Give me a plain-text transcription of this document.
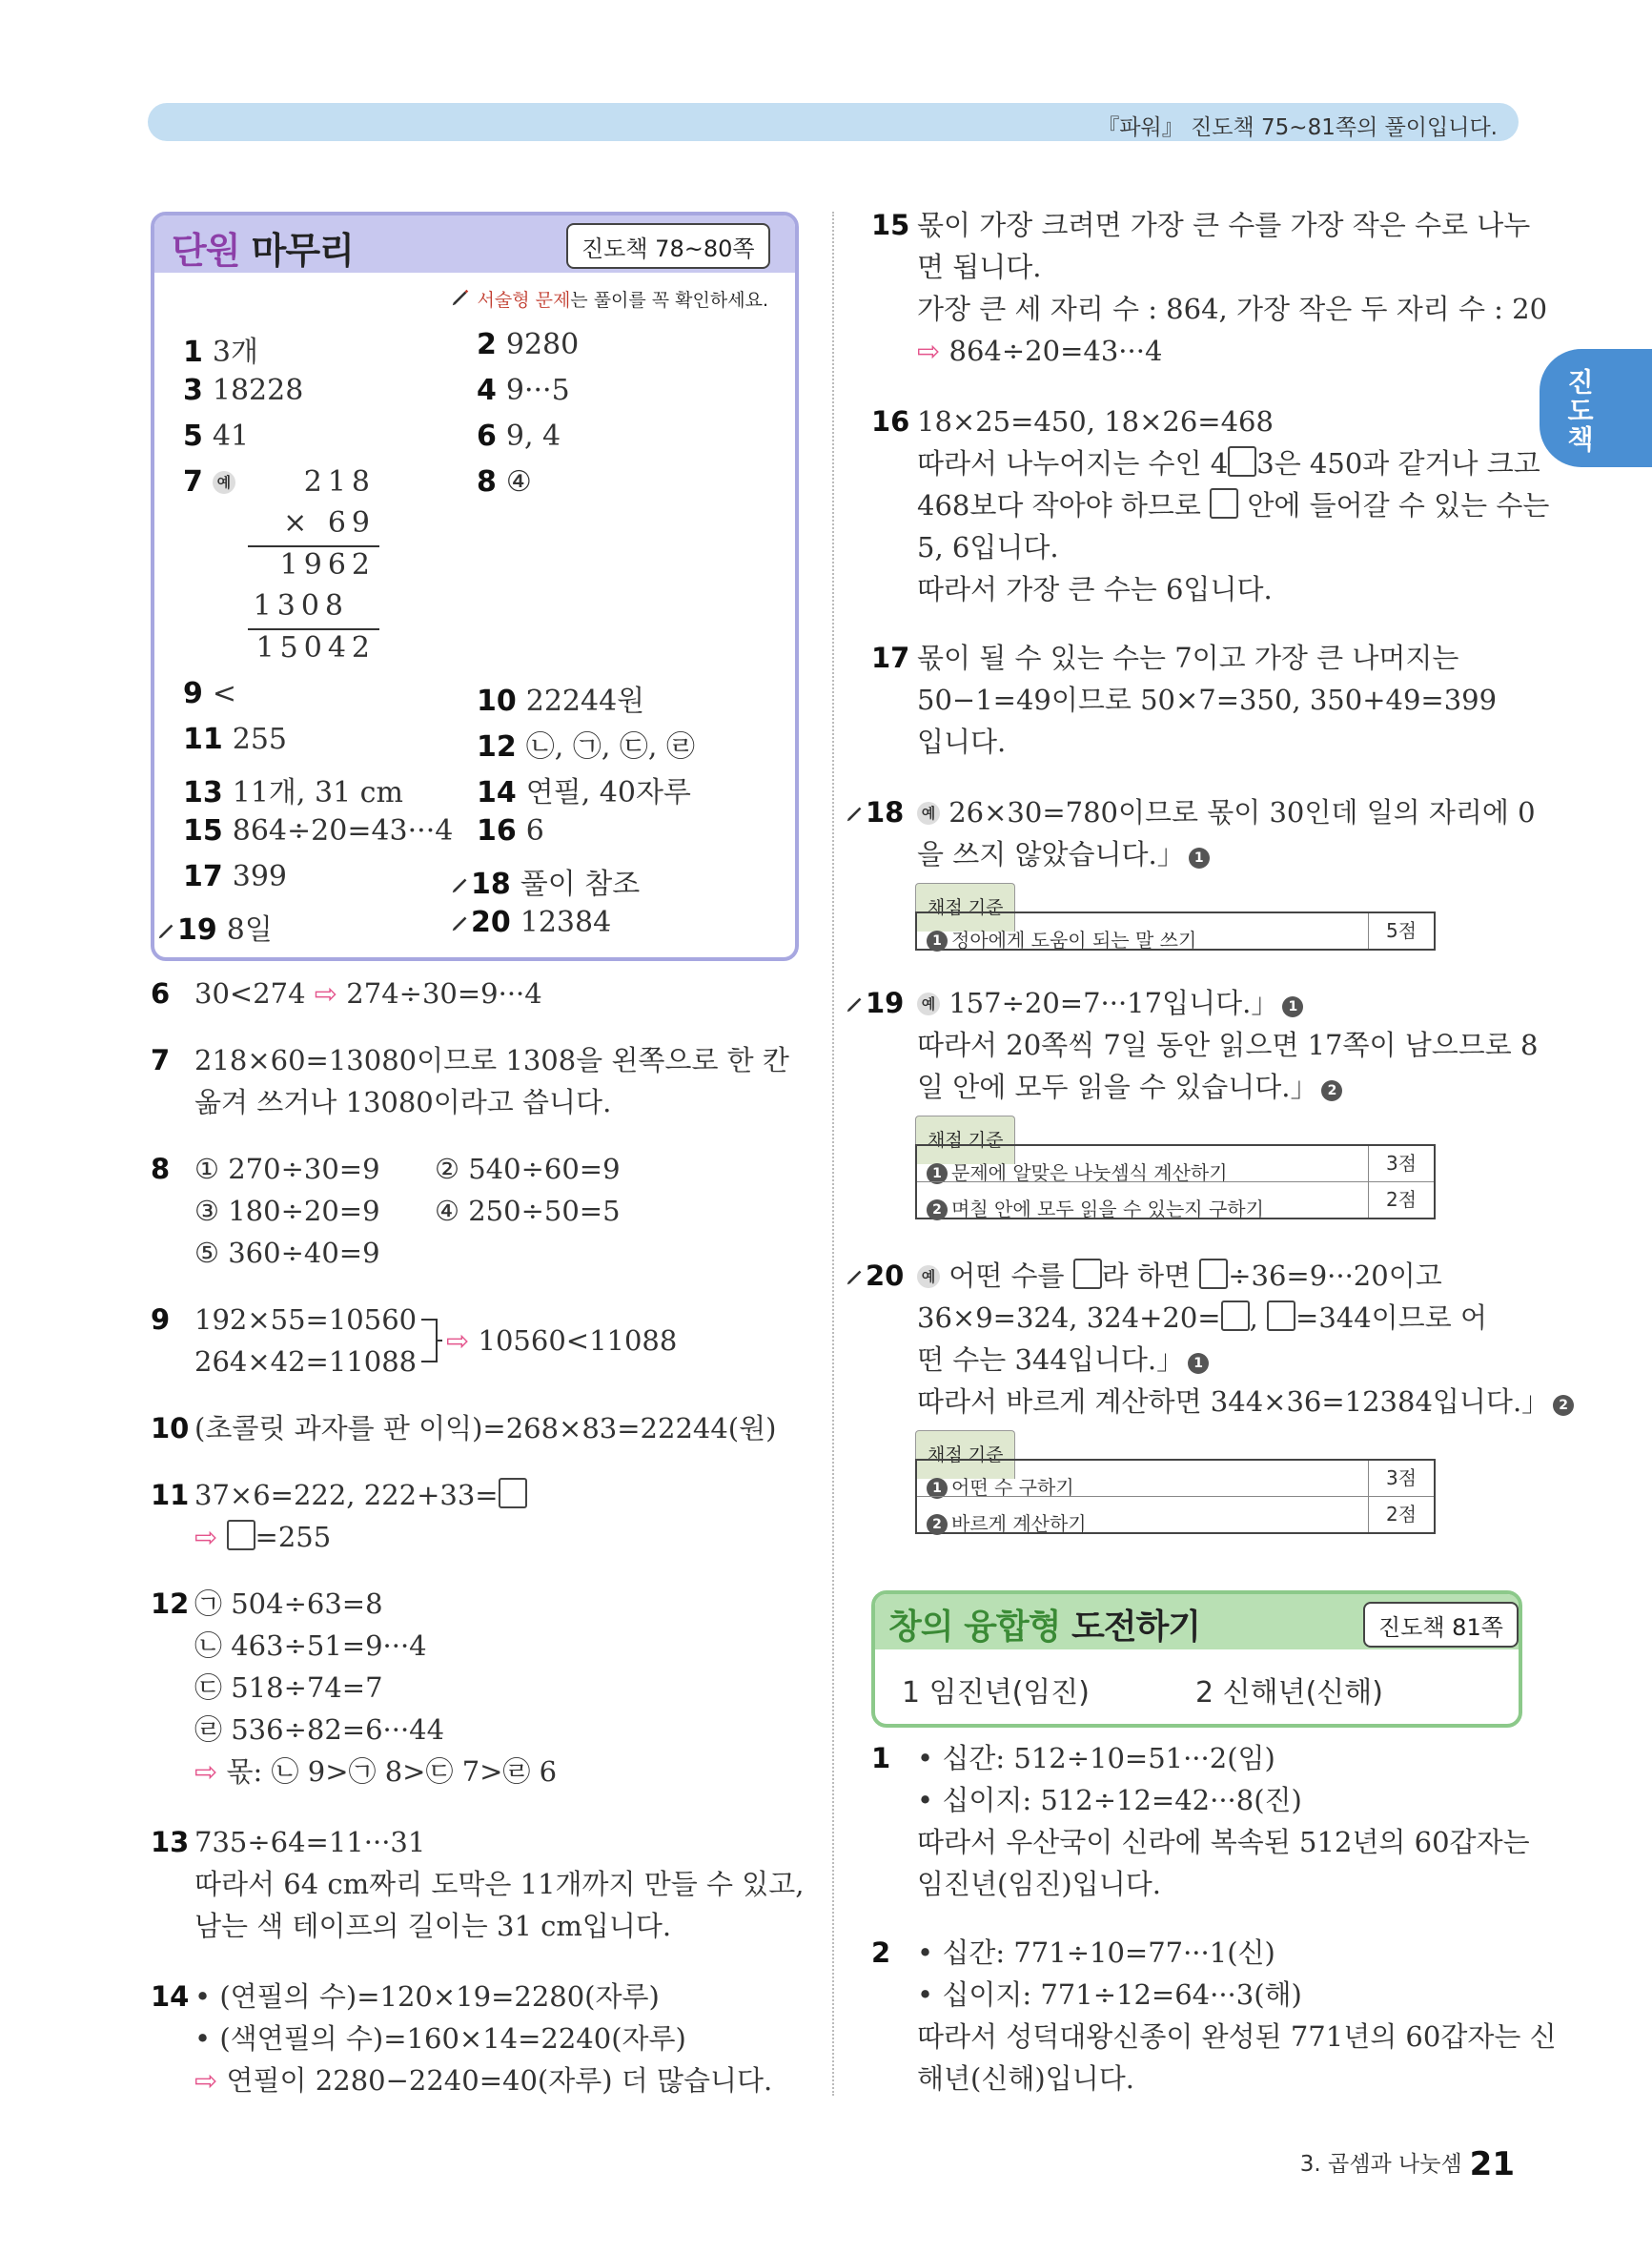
『파워』 진도책 75~81쪽의 풀이입니다.
진도책
단원 마무리	진도책 78~80쪽
서술형 문제는 풀이를 꼭 확인하세요.
1 3개	2 9280
3 18228	4 9···5
5 41	6 9, 4
7 예	8 ④
218
× 69
1962
1308
15042
9 <	10 22244원
11 255	12 ㉡, ㉠, ㉢, ㉣
13 11개, 31 cm	14 연필, 40자루
15 864÷20=43···4 16 6
17 399	18 풀이 참조
19 8일	20 12384
6 30<274 ⇨ 274÷30=9···4
7 218×60=13080이므로 1308을 왼쪽으로 한 칸
옮겨 쓰거나 13080이라고 씁니다.
8 ① 270÷30=9 ② 540÷60=9
③ 180÷20=9 ④ 250÷50=5
⑤ 360÷40=9
9 192×55=10560
264×42=11088
⇨ 10560<11088
10 (초콜릿 과자를 판 이익)=268×83=22244(원)
11 37×6=222, 222+33=
⇨ =255
12 ㉠ 504÷63=8
㉡ 463÷51=9···4
㉢ 518÷74=7
㉣ 536÷82=6···44
⇨ 몫: ㉡ 9>㉠ 8>㉢ 7>㉣ 6
13 735÷64=11···31
따라서 64 cm짜리 도막은 11개까지 만들 수 있고,
남는 색 테이프의 길이는 31 cm입니다.
14 • (연필의 수)=120×19=2280(자루)
• (색연필의 수)=160×14=2240(자루)
⇨ 연필이 2280−2240=40(자루) 더 많습니다.
15 몫이 가장 크려면 가장 큰 수를 가장 작은 수로 나누
면 됩니다.
가장 큰 세 자리 수 : 864, 가장 작은 두 자리 수 : 20
⇨ 864÷20=43···4
16 18×25=450, 18×26=468
따라서 나누어지는 수인 4 3은 450과 같거나 크고
468보다 작아야 하므로  안에 들어갈 수 있는 수는
5, 6입니다.
따라서 가장 큰 수는 6입니다.
17 몫이 될 수 있는 수는 7이고 가장 큰 나머지는
50−1=49이므로 50×7=350, 350+49=399
입니다.
18	예 26×30=780이므로 몫이 30인데 일의 자리에 0
을 쓰지 않았습니다.」 1
채점 기준
1 정아에게 도움이 되는 말 쓰기	5점
19	예 157÷20=7···17입니다.」 1
따라서 20쪽씩 7일 동안 읽으면 17쪽이 남으므로 8
일 안에 모두 읽을 수 있습니다.」 2
채점 기준
1 문제에 알맞은 나눗셈식 계산하기	3점
2 며칠 안에 모두 읽을 수 있는지 구하기	2점
20	예 어떤 수를 라 하면 ÷36=9···20이고
36×9=324, 324+20= , =344이므로 어
떤 수는 344입니다.」 1
따라서 바르게 계산하면 344×36=12384입니다.」 2
채점 기준
1 어떤 수 구하기	3점
2 바르게 계산하기	2점
창의 융합형 도전하기	진도책 81쪽
1 임진년(임진)	2 신해년(신해)
1 • 십간: 512÷10=51···2(임)
• 십이지: 512÷12=42···8(진)
따라서 우산국이 신라에 복속된 512년의 60갑자는
임진년(임진)입니다.
2 • 십간: 771÷10=77···1(신)
• 십이지: 771÷12=64···3(해)
따라서 성덕대왕신종이 완성된 771년의 60갑자는 신
해년(신해)입니다.
3. 곱셈과 나눗셈 21
